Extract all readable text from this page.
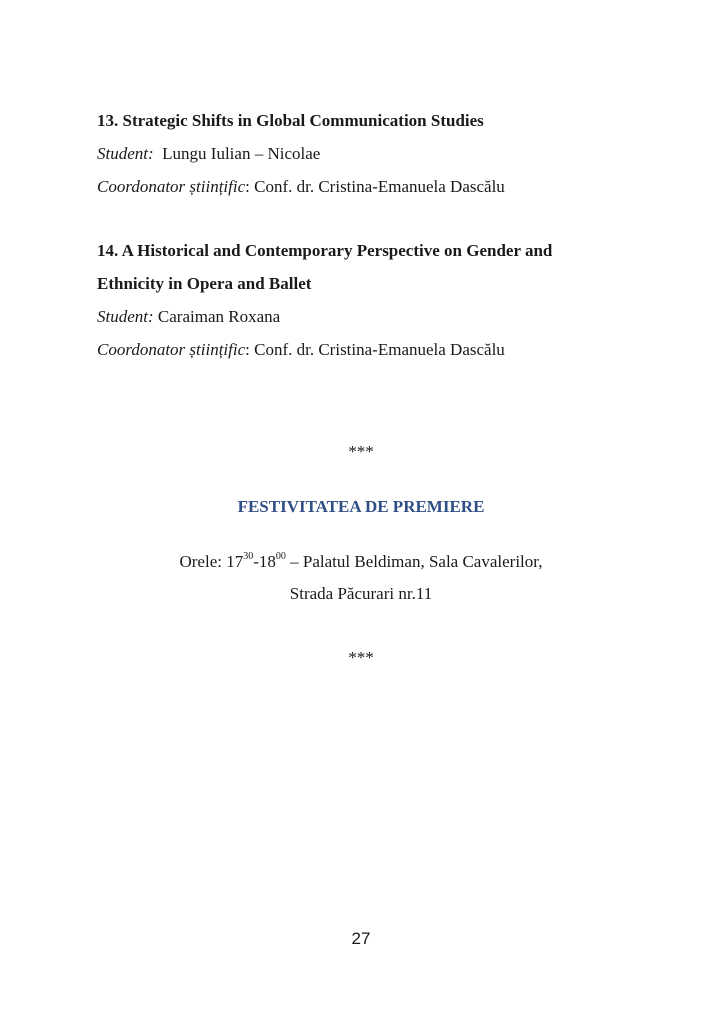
13. Strategic Shifts in Global Communication Studies

Student: Lungu Iulian – Nicolae

Coordonator științific: Conf. dr. Cristina-Emanuela Dascălu

14. A Historical and Contemporary Perspective on Gender and

Ethnicity in Opera and Ballet

Student: Caraiman Roxana

Coordonator științific: Conf. dr. Cristina-Emanuela Dascălu

***
FESTIVITATEA DE PREMIERE
Orele: $17^{30}-18^{00}$ – Palatul Beldiman, Sala Cavalerilor,
Strada Păcurari nr.11
***
27
